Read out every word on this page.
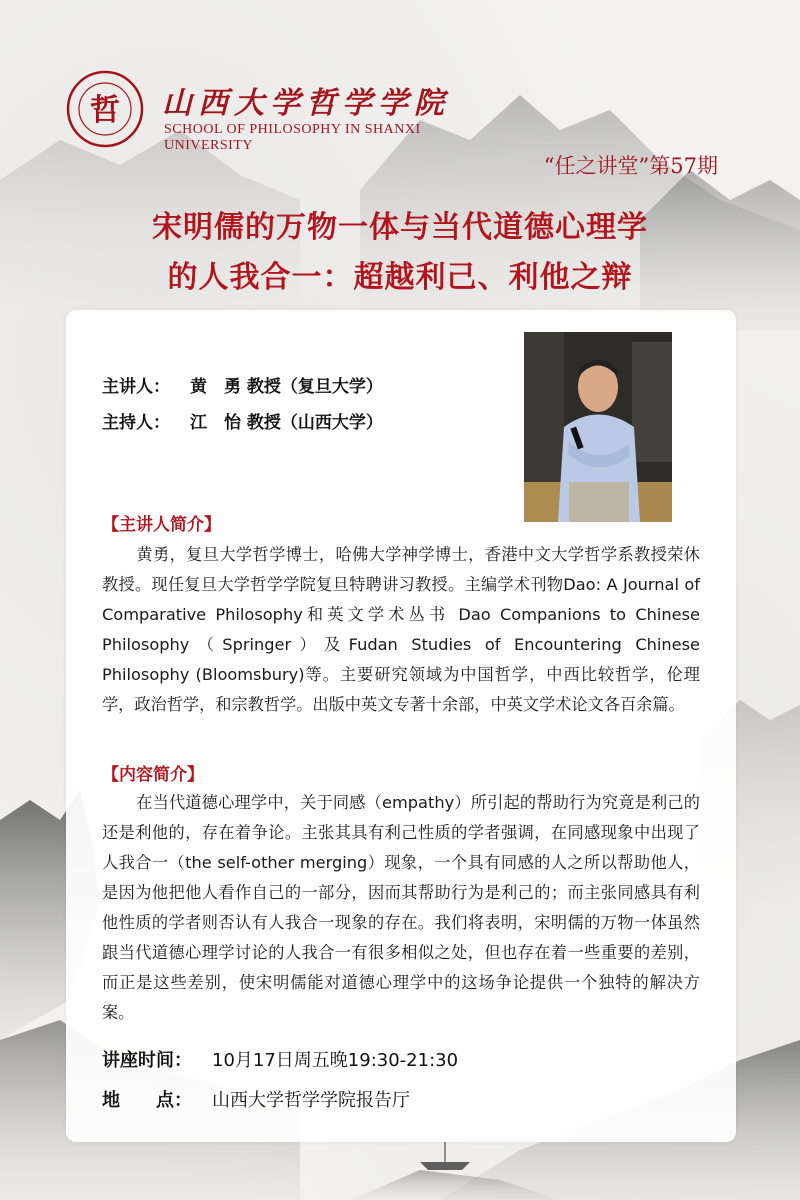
哲 山西大学哲学学院
SCHOOL OF PHILOSOPHY IN SHANXI UNIVERSITY
“任之讲堂”第57期
宋明儒的万物一体与当代道德心理学
的人我合一：超越利己、利他之辩
主讲人： 黄　勇 教授（复旦大学）
主持人： 江　怡 教授（山西大学）
【主讲人简介】
黄勇，复旦大学哲学博士，哈佛大学神学博士，香港中文大学哲学系教授荣休教授。现任复旦大学哲学学院复旦特聘讲习教授。主编学术刊物Dao: A Journal of Comparative Philosophy和英文学术丛书 Dao Companions to Chinese Philosophy（Springer）及Fudan Studies of Encountering Chinese Philosophy (Bloomsbury)等。主要研究领域为中国哲学，中西比较哲学，伦理学，政治哲学，和宗教哲学。出版中英文专著十余部，中英文学术论文各百余篇。
【内容简介】
在当代道德心理学中，关于同感（empathy）所引起的帮助行为究竟是利己的还是利他的，存在着争论。主张其具有利己性质的学者强调，在同感现象中出现了人我合一（the self-other merging）现象，一个具有同感的人之所以帮助他人，是因为他把他人看作自己的一部分，因而其帮助行为是利己的；而主张同感具有利他性质的学者则否认有人我合一现象的存在。我们将表明，宋明儒的万物一体虽然跟当代道德心理学讨论的人我合一有很多相似之处，但也存在着一些重要的差别，而正是这些差别，使宋明儒能对道德心理学中的这场争论提供一个独特的解决方案。
讲座时间： 10月17日周五晚19:30-21:30
地　　点： 山西大学哲学学院报告厅
